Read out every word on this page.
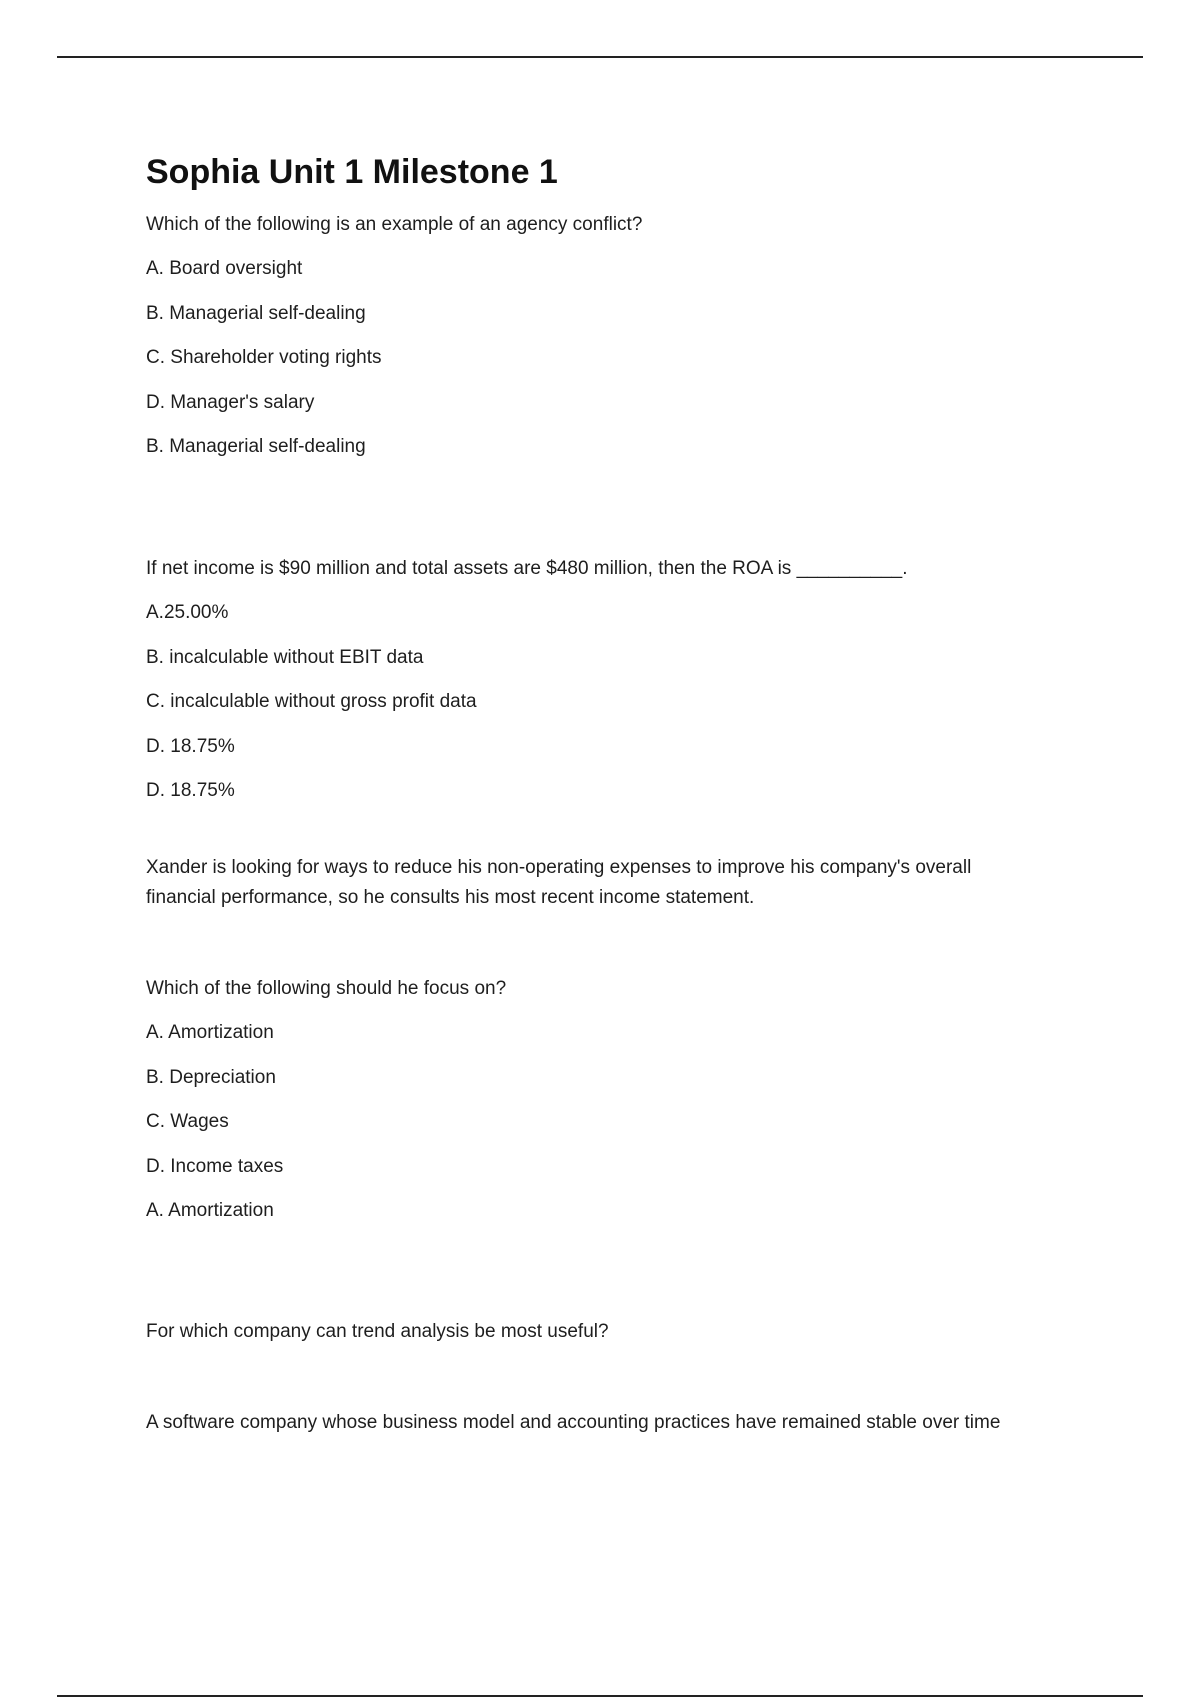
Sophia Unit 1 Milestone 1

Which of the following is an example of an agency conflict?

A. Board oversight

B. Managerial self-dealing

C. Shareholder voting rights

D. Manager's salary

B. Managerial self-dealing

If net income is $90 million and total assets are $480 million, then the ROA is __________.

A.25.00%

B. incalculable without EBIT data

C. incalculable without gross profit data

D. 18.75%

D. 18.75%

Xander is looking for ways to reduce his non-operating expenses to improve his company's overall financial performance, so he consults his most recent income statement.

Which of the following should he focus on?

A. Amortization

B. Depreciation

C. Wages

D. Income taxes

A. Amortization

For which company can trend analysis be most useful?

A software company whose business model and accounting practices have remained stable over time
